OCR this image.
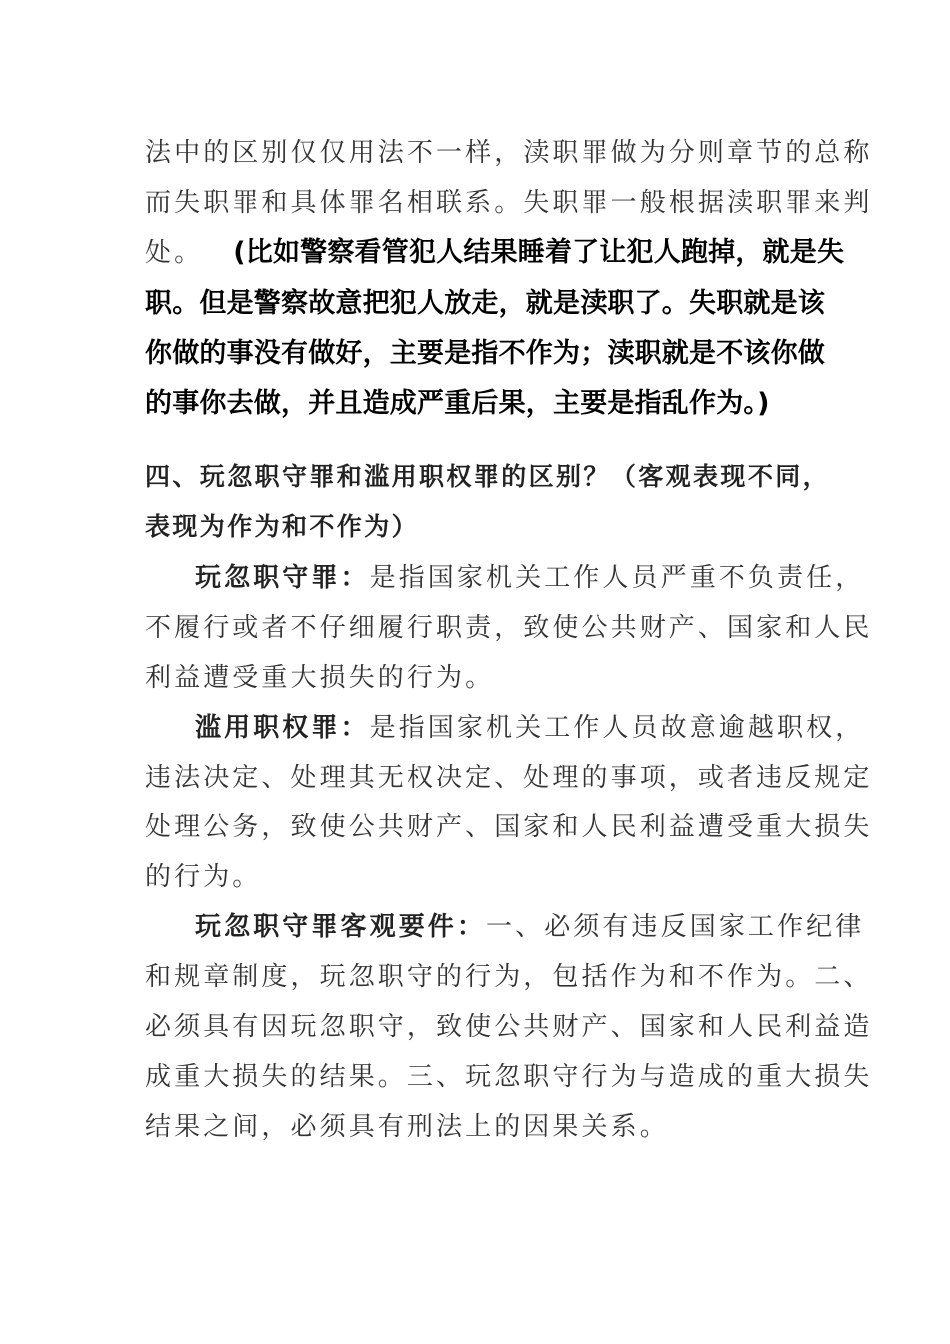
法中的区别仅仅用法不一样，渎职罪做为分则章节的总称
而失职罪和具体罪名相联系。失职罪一般根据渎职罪来判
处。 (比如警察看管犯人结果睡着了让犯人跑掉，就是失
职。但是警察故意把犯人放走，就是渎职了。失职就是该
你做的事没有做好，主要是指不作为；渎职就是不该你做
的事你去做，并且造成严重后果，主要是指乱作为。)
四、玩忽职守罪和滥用职权罪的区别？（客观表现不同，
表现为作为和不作为）
玩忽职守罪：是指国家机关工作人员严重不负责任，
不履行或者不仔细履行职责，致使公共财产、国家和人民
利益遭受重大损失的行为。
滥用职权罪：是指国家机关工作人员故意逾越职权，
违法决定、处理其无权决定、处理的事项，或者违反规定
处理公务，致使公共财产、国家和人民利益遭受重大损失
的行为。
玩忽职守罪客观要件：一、必须有违反国家工作纪律
和规章制度，玩忽职守的行为，包括作为和不作为。二、
必须具有因玩忽职守，致使公共财产、国家和人民利益造
成重大损失的结果。三、玩忽职守行为与造成的重大损失
结果之间，必须具有刑法上的因果关系。
